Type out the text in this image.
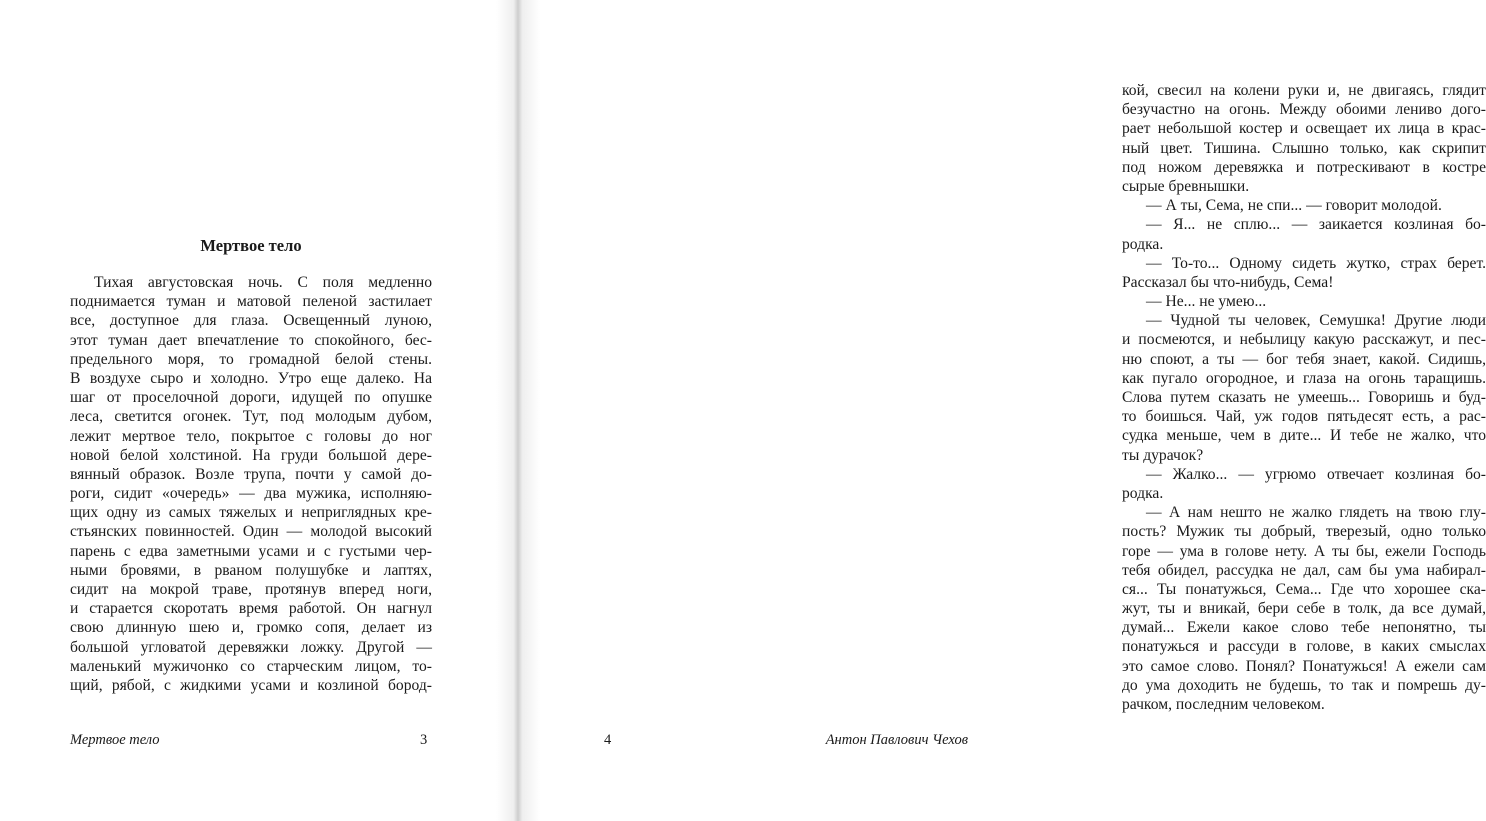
Мертвое тело
Тихая августовская ночь. С поля медленно
поднимается туман и матовой пеленой застилает
все, доступное для глаза. Освещенный луною,
этот туман дает впечатление то спокойного, бес-
предельного моря, то громадной белой стены.
В воздухе сыро и холодно. Утро еще далеко. На
шаг от проселочной дороги, идущей по опушке
леса, светится огонек. Тут, под молодым дубом,
лежит мертвое тело, покрытое с головы до ног
новой белой холстиной. На груди большой дере-
вянный образок. Возле трупа, почти у самой до-
роги, сидит «очередь» — два мужика, исполняю-
щих одну из самых тяжелых и неприглядных кре-
стьянских повинностей. Один — молодой высокий
парень с едва заметными усами и с густыми чер-
ными бровями, в рваном полушубке и лаптях,
сидит на мокрой траве, протянув вперед ноги,
и старается скоротать время работой. Он нагнул
свою длинную шею и, громко сопя, делает из
большой угловатой деревяжки ложку. Другой —
маленький мужичонко со старческим лицом, то-
щий, рябой, с жидкими усами и козлиной бород-
кой, свесил на колени руки и, не двигаясь, глядит
безучастно на огонь. Между обоими лениво дого-
рает небольшой костер и освещает их лица в крас-
ный цвет. Тишина. Слышно только, как скрипит
под ножом деревяжка и потрескивают в костре
сырые бревнышки.
— А ты, Сема, не спи... — говорит молодой.
— Я... не сплю... — заикается козлиная бо-
родка.
— То-то... Одному сидеть жутко, страх берет.
Рассказал бы что-нибудь, Сема!
— Не... не умею...
— Чудной ты человек, Семушка! Другие люди
и посмеются, и небылицу какую расскажут, и пес-
ню споют, а ты — бог тебя знает, какой. Сидишь,
как пугало огородное, и глаза на огонь таращишь.
Слова путем сказать не умеешь... Говоришь и буд-
то боишься. Чай, уж годов пятьдесят есть, а рас-
судка меньше, чем в дите... И тебе не жалко, что
ты дурачок?
— Жалко... — угрюмо отвечает козлиная бо-
родка.
— А нам нешто не жалко глядеть на твою глу-
пость? Мужик ты добрый, тверезый, одно только
горе — ума в голове нету. А ты бы, ежели Господь
тебя обидел, рассудка не дал, сам бы ума набирал-
ся... Ты понатужься, Сема... Где что хорошее ска-
жут, ты и вникай, бери себе в толк, да все думай,
думай... Ежели какое слово тебе непонятно, ты
понатужься и рассуди в голове, в каких смыслах
это самое слово. Понял? Понатужься! А ежели сам
до ума доходить не будешь, то так и помрешь ду-
рачком, последним человеком.
Мертвое тело	3	4	Антон Павлович Чехов
